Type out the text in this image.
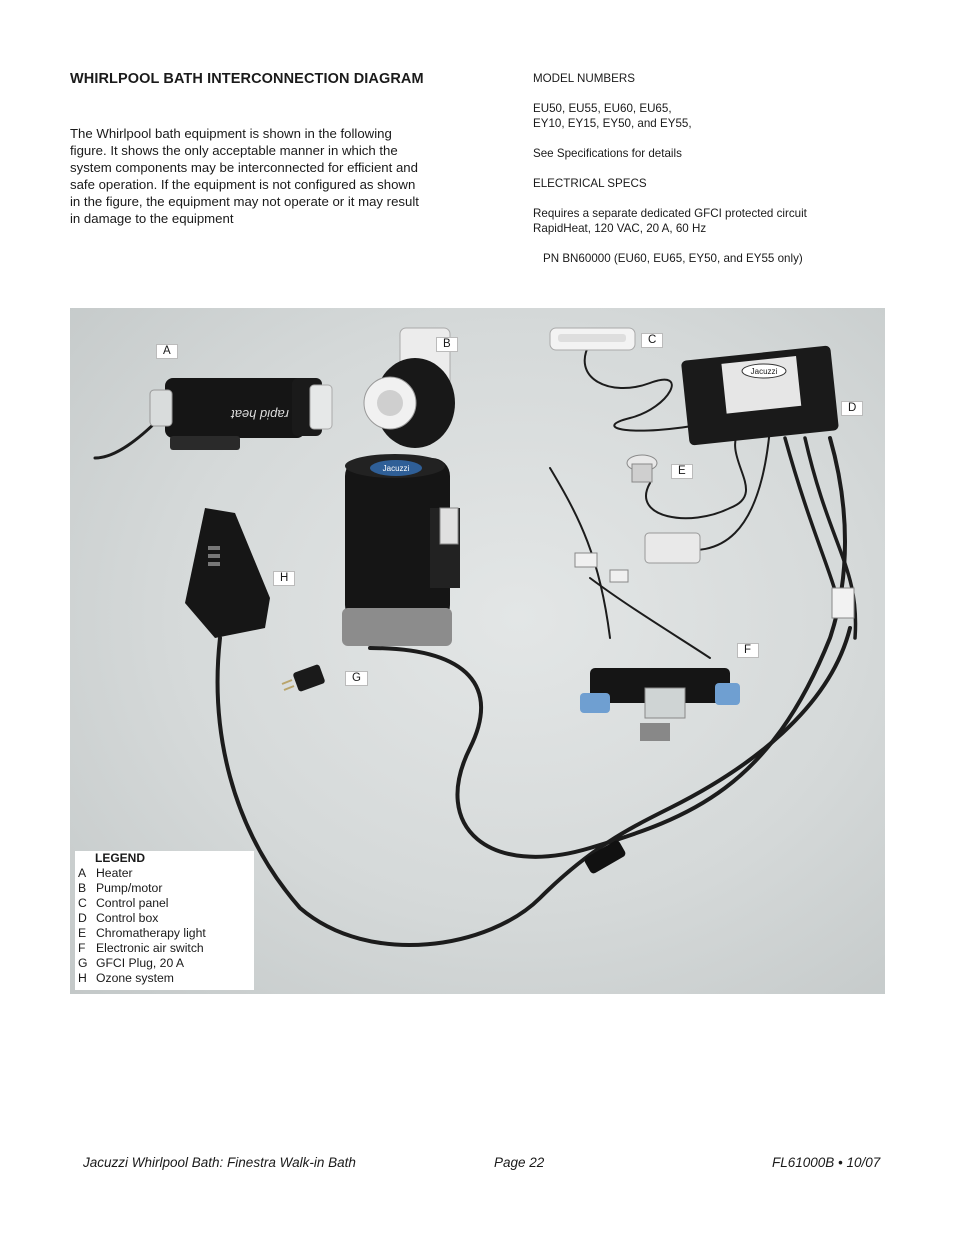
WHIRLPOOL BATH INTERCONNECTION DIAGRAM
The Whirlpool bath equipment is shown in the following
figure. It shows the only acceptable manner in which the
system components may be interconnected for efficient and
safe operation. If the equipment is not configured as shown
in the figure, the equipment may not operate or it may result
in damage to the equipment
MODEL NUMBERS
EU50, EU55, EU60, EU65,
EY10, EY15, EY50, and EY55,
See Specifications for details
ELECTRICAL SPECS
Requires a separate dedicated GFCI protected circuit
RapidHeat, 120 VAC, 20 A, 60 Hz
PN BN60000 (EU60, EU65, EY50, and EY55 only)
rapid heat
Jacuzzi
Jacuzzi
A
B	C
D
E
F
G
H
LEGEND
A Heater
B Pump/motor
C Control panel
D Control box
E Chromatherapy light
F Electronic air switch
G GFCI Plug, 20 A
H Ozone system
Jacuzzi Whirlpool Bath: Finestra Walk-in Bath	Page 22	FL61000B • 10/07
